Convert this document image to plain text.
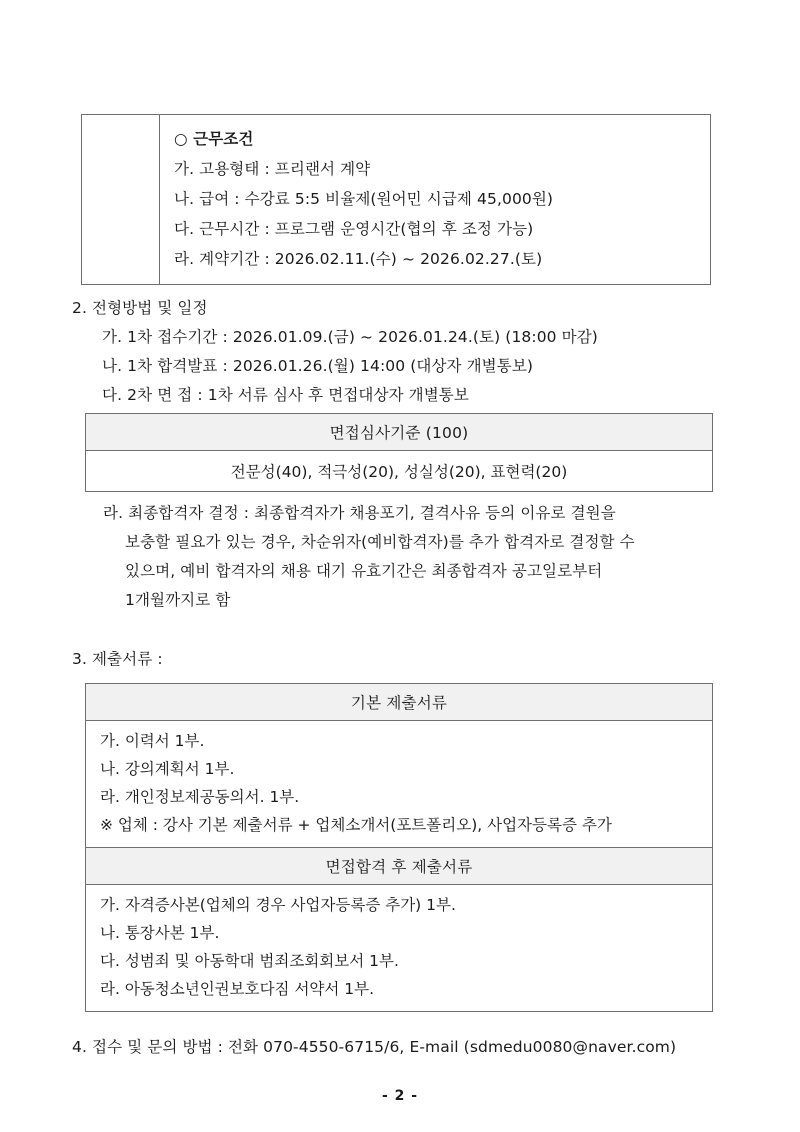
○ 근무조건
가. 고용형태 : 프리랜서 계약
나. 급여 : 수강료 5:5 비율제(원어민 시급제 45,000원)
다. 근무시간 : 프로그램 운영시간(협의 후 조정 가능)
라. 계약기간 : 2026.02.11.(수) ~ 2026.02.27.(토)
2. 전형방법 및 일정
가. 1차 접수기간 : 2026.01.09.(금) ~ 2026.01.24.(토) (18:00 마감)
나. 1차 합격발표 : 2026.01.26.(월) 14:00 (대상자 개별통보)
다. 2차 면 접 : 1차 서류 심사 후 면접대상자 개별통보
면접심사기준 (100)
전문성(40), 적극성(20), 성실성(20), 표현력(20)
라. 최종합격자 결정 : 최종합격자가 채용포기, 결격사유 등의 이유로 결원을
보충할 필요가 있는 경우, 차순위자(예비합격자)를 추가 합격자로 결정할 수
있으며, 예비 합격자의 채용 대기 유효기간은 최종합격자 공고일로부터
1개월까지로 함
3. 제출서류 :
기본 제출서류

가. 이력서 1부.
나. 강의계획서 1부.
라. 개인정보제공동의서. 1부.
※ 업체 : 강사 기본 제출서류 + 업체소개서(포트폴리오), 사업자등록증 추가

면접합격 후 제출서류

가. 자격증사본(업체의 경우 사업자등록증 추가) 1부.
나. 통장사본 1부.
다. 성범죄 및 아동학대 범죄조회회보서 1부.
라. 아동청소년인권보호다짐 서약서 1부.
4. 접수 및 문의 방법 : 전화 070-4550-6715/6, E-mail (sdmedu0080@naver.com)
- 2 -
